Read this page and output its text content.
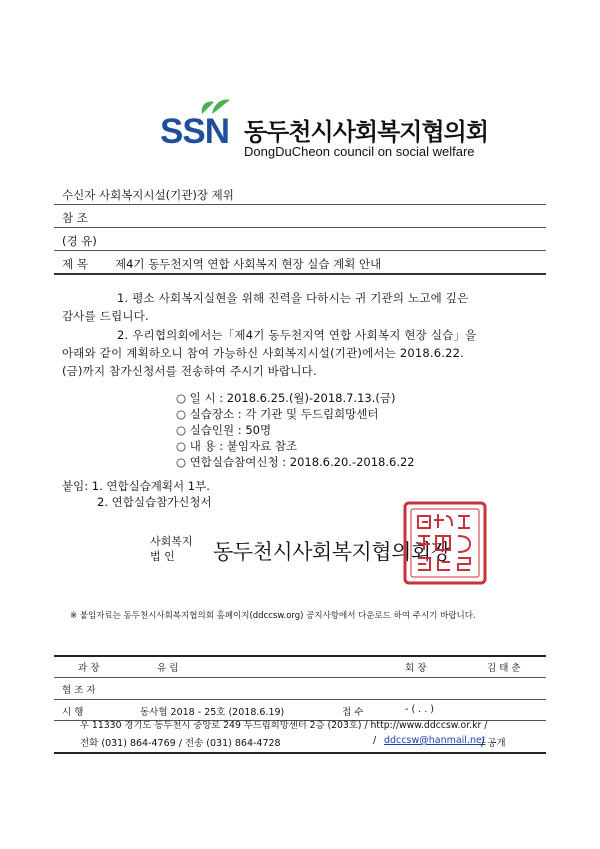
SSN 동두천시사회복지협의회
DongDuCheon council on social welfare
수신자 사회복지시설(기관)장 제위
참 조
(경 유)
제 목 제4기 동두천지역 연합 사회복지 현장 실습 계획 안내
1. 평소 사회복지실현을 위해 진력을 다하시는 귀 기관의 노고에 깊은
감사를 드립니다.
2. 우리협의회에서는「제4기 동두천지역 연합 사회복지 현장 실습」을
아래와 같이 계획하오니 참여 가능하신 사회복지시설(기관)에서는 2018.6.22.
(금)까지 참가신청서를 전송하여 주시기 바랍니다.
○ 일 시 : 2018.6.25.(월)-2018.7.13.(금)
○ 실습장소 : 각 기관 및 두드림희망센터
○ 실습인원 : 50명
○ 내 용 : 붙임자료 참조
○ 연합실습참여신청 : 2018.6.20.-2018.6.22
붙임: 1. 연합실습계획서 1부.
2. 연합실습참가신청서
사회복지
법 인 동두천시사회복지협의회장
※ 붙임자료는 동두천시사회복지협의회 홈페이지(ddccsw.org) 공지사항에서 다운로드 하여 주시기 바랍니다.
과 장	유 림	회 장	김 태 춘
협 조 자
시 행	동사협 2018 - 25호 (2018.6.19)	접 수	- ( . . )
우 11330 경기도 동두천시 중앙로 249 두드림희망센터 2층 (203호) / http://www.ddccsw.or.kr /
전화 (031) 864-4769 / 전송 (031) 864-4728	/ ddccsw@hanmail.net
/ 공개
